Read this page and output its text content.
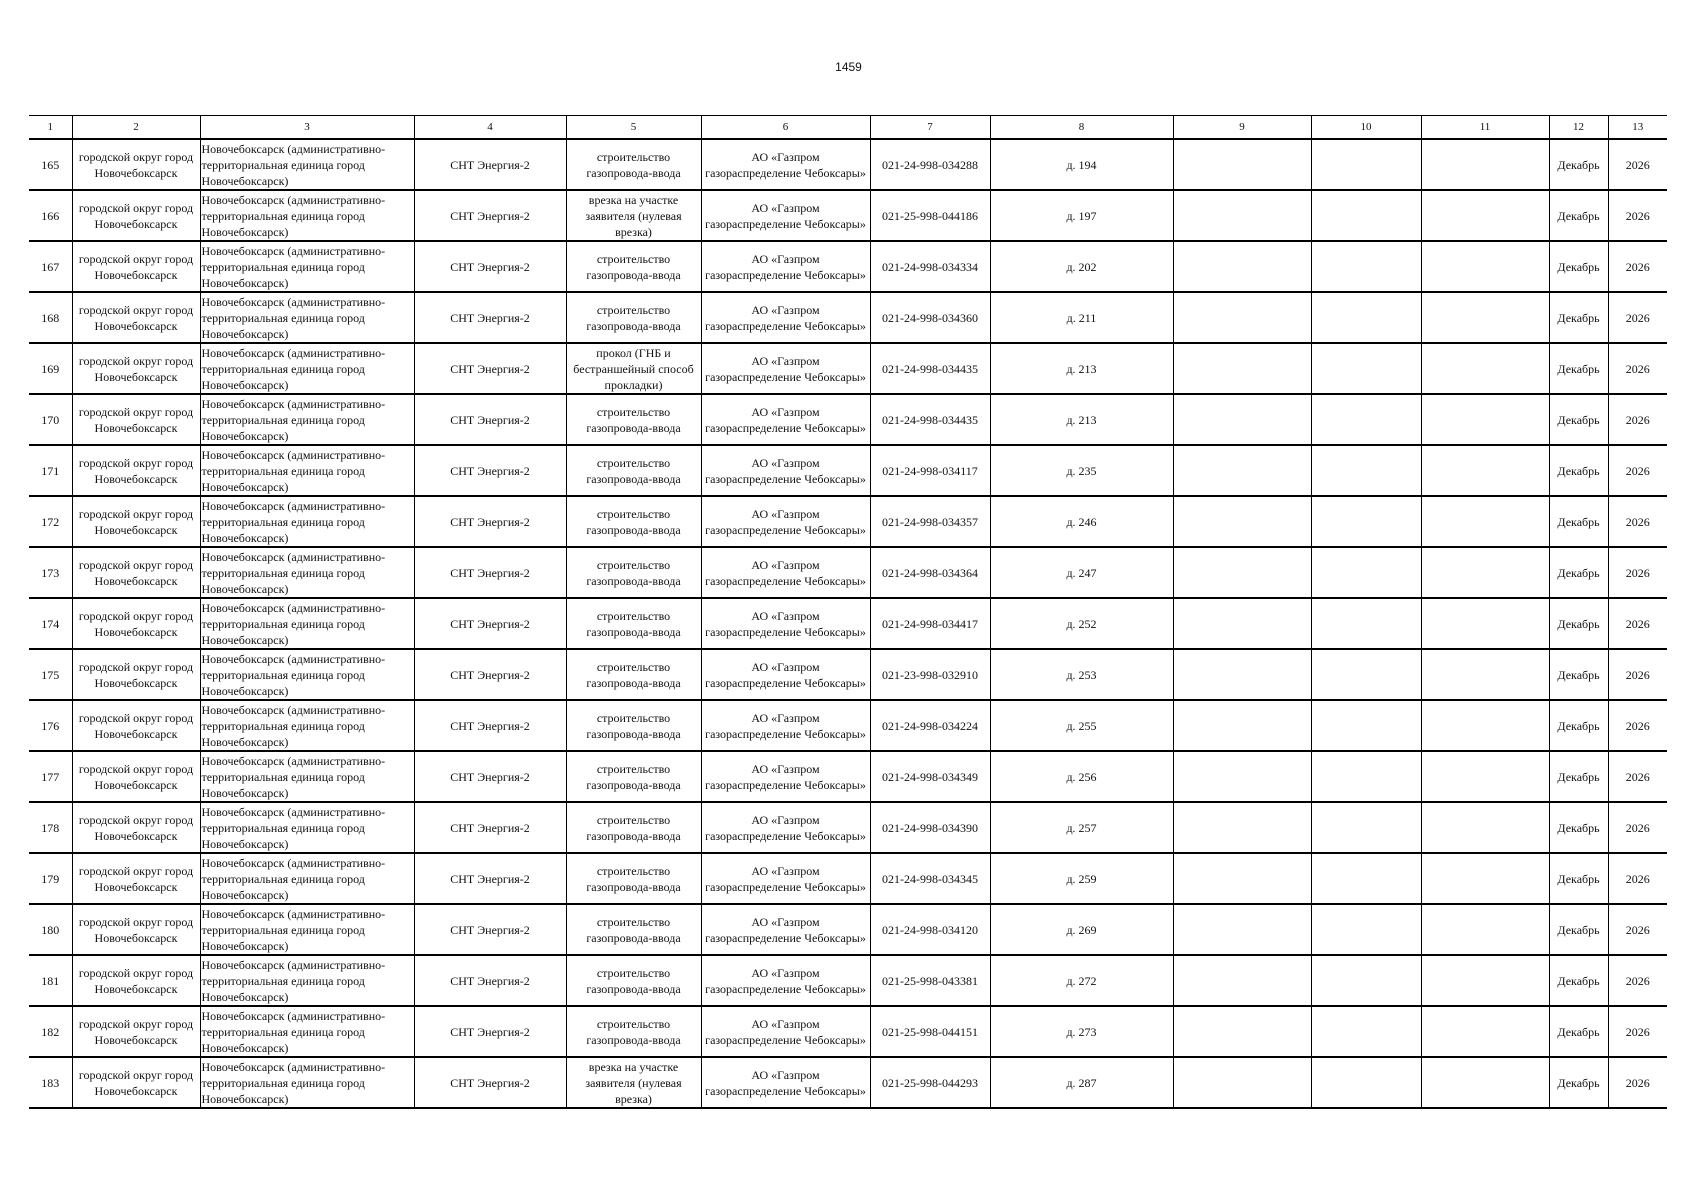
1459
1	2	3	4	5	6	7	8	9	10	11	12	13
165	городской округ город Новочебоксарск	Новочебоксарск (административно-территориальная единица город Новочебоксарск)	СНТ Энергия-2	строительство газопровода-ввода	АО «Газпром газораспределение Чебоксары»	021-24-998-034288	д. 194				Декабрь	2026
166	городской округ город Новочебоксарск	Новочебоксарск (административно-территориальная единица город Новочебоксарск)	СНТ Энергия-2	врезка на участке заявителя (нулевая врезка)	АО «Газпром газораспределение Чебоксары»	021-25-998-044186	д. 197				Декабрь	2026
167	городской округ город Новочебоксарск	Новочебоксарск (административно-территориальная единица город Новочебоксарск)	СНТ Энергия-2	строительство газопровода-ввода	АО «Газпром газораспределение Чебоксары»	021-24-998-034334	д. 202				Декабрь	2026
168	городской округ город Новочебоксарск	Новочебоксарск (административно-территориальная единица город Новочебоксарск)	СНТ Энергия-2	строительство газопровода-ввода	АО «Газпром газораспределение Чебоксары»	021-24-998-034360	д. 211				Декабрь	2026
169	городской округ город Новочебоксарск	Новочебоксарск (административно-территориальная единица город Новочебоксарск)	СНТ Энергия-2	прокол (ГНБ и бестраншейный способ прокладки)	АО «Газпром газораспределение Чебоксары»	021-24-998-034435	д. 213				Декабрь	2026
170	городской округ город Новочебоксарск	Новочебоксарск (административно-территориальная единица город Новочебоксарск)	СНТ Энергия-2	строительство газопровода-ввода	АО «Газпром газораспределение Чебоксары»	021-24-998-034435	д. 213				Декабрь	2026
171	городской округ город Новочебоксарск	Новочебоксарск (административно-территориальная единица город Новочебоксарск)	СНТ Энергия-2	строительство газопровода-ввода	АО «Газпром газораспределение Чебоксары»	021-24-998-034117	д. 235				Декабрь	2026
172	городской округ город Новочебоксарск	Новочебоксарск (административно-территориальная единица город Новочебоксарск)	СНТ Энергия-2	строительство газопровода-ввода	АО «Газпром газораспределение Чебоксары»	021-24-998-034357	д. 246				Декабрь	2026
173	городской округ город Новочебоксарск	Новочебоксарск (административно-территориальная единица город Новочебоксарск)	СНТ Энергия-2	строительство газопровода-ввода	АО «Газпром газораспределение Чебоксары»	021-24-998-034364	д. 247				Декабрь	2026
174	городской округ город Новочебоксарск	Новочебоксарск (административно-территориальная единица город Новочебоксарск)	СНТ Энергия-2	строительство газопровода-ввода	АО «Газпром газораспределение Чебоксары»	021-24-998-034417	д. 252				Декабрь	2026
175	городской округ город Новочебоксарск	Новочебоксарск (административно-территориальная единица город Новочебоксарск)	СНТ Энергия-2	строительство газопровода-ввода	АО «Газпром газораспределение Чебоксары»	021-23-998-032910	д. 253				Декабрь	2026
176	городской округ город Новочебоксарск	Новочебоксарск (административно-территориальная единица город Новочебоксарск)	СНТ Энергия-2	строительство газопровода-ввода	АО «Газпром газораспределение Чебоксары»	021-24-998-034224	д. 255				Декабрь	2026
177	городской округ город Новочебоксарск	Новочебоксарск (административно-территориальная единица город Новочебоксарск)	СНТ Энергия-2	строительство газопровода-ввода	АО «Газпром газораспределение Чебоксары»	021-24-998-034349	д. 256				Декабрь	2026
178	городской округ город Новочебоксарск	Новочебоксарск (административно-территориальная единица город Новочебоксарск)	СНТ Энергия-2	строительство газопровода-ввода	АО «Газпром газораспределение Чебоксары»	021-24-998-034390	д. 257				Декабрь	2026
179	городской округ город Новочебоксарск	Новочебоксарск (административно-территориальная единица город Новочебоксарск)	СНТ Энергия-2	строительство газопровода-ввода	АО «Газпром газораспределение Чебоксары»	021-24-998-034345	д. 259				Декабрь	2026
180	городской округ город Новочебоксарск	Новочебоксарск (административно-территориальная единица город Новочебоксарск)	СНТ Энергия-2	строительство газопровода-ввода	АО «Газпром газораспределение Чебоксары»	021-24-998-034120	д. 269				Декабрь	2026
181	городской округ город Новочебоксарск	Новочебоксарск (административно-территориальная единица город Новочебоксарск)	СНТ Энергия-2	строительство газопровода-ввода	АО «Газпром газораспределение Чебоксары»	021-25-998-043381	д. 272				Декабрь	2026
182	городской округ город Новочебоксарск	Новочебоксарск (административно-территориальная единица город Новочебоксарск)	СНТ Энергия-2	строительство газопровода-ввода	АО «Газпром газораспределение Чебоксары»	021-25-998-044151	д. 273				Декабрь	2026
183	городской округ город Новочебоксарск	Новочебоксарск (административно-территориальная единица город Новочебоксарск)	СНТ Энергия-2	врезка на участке заявителя (нулевая врезка)	АО «Газпром газораспределение Чебоксары»	021-25-998-044293	д. 287				Декабрь	2026
